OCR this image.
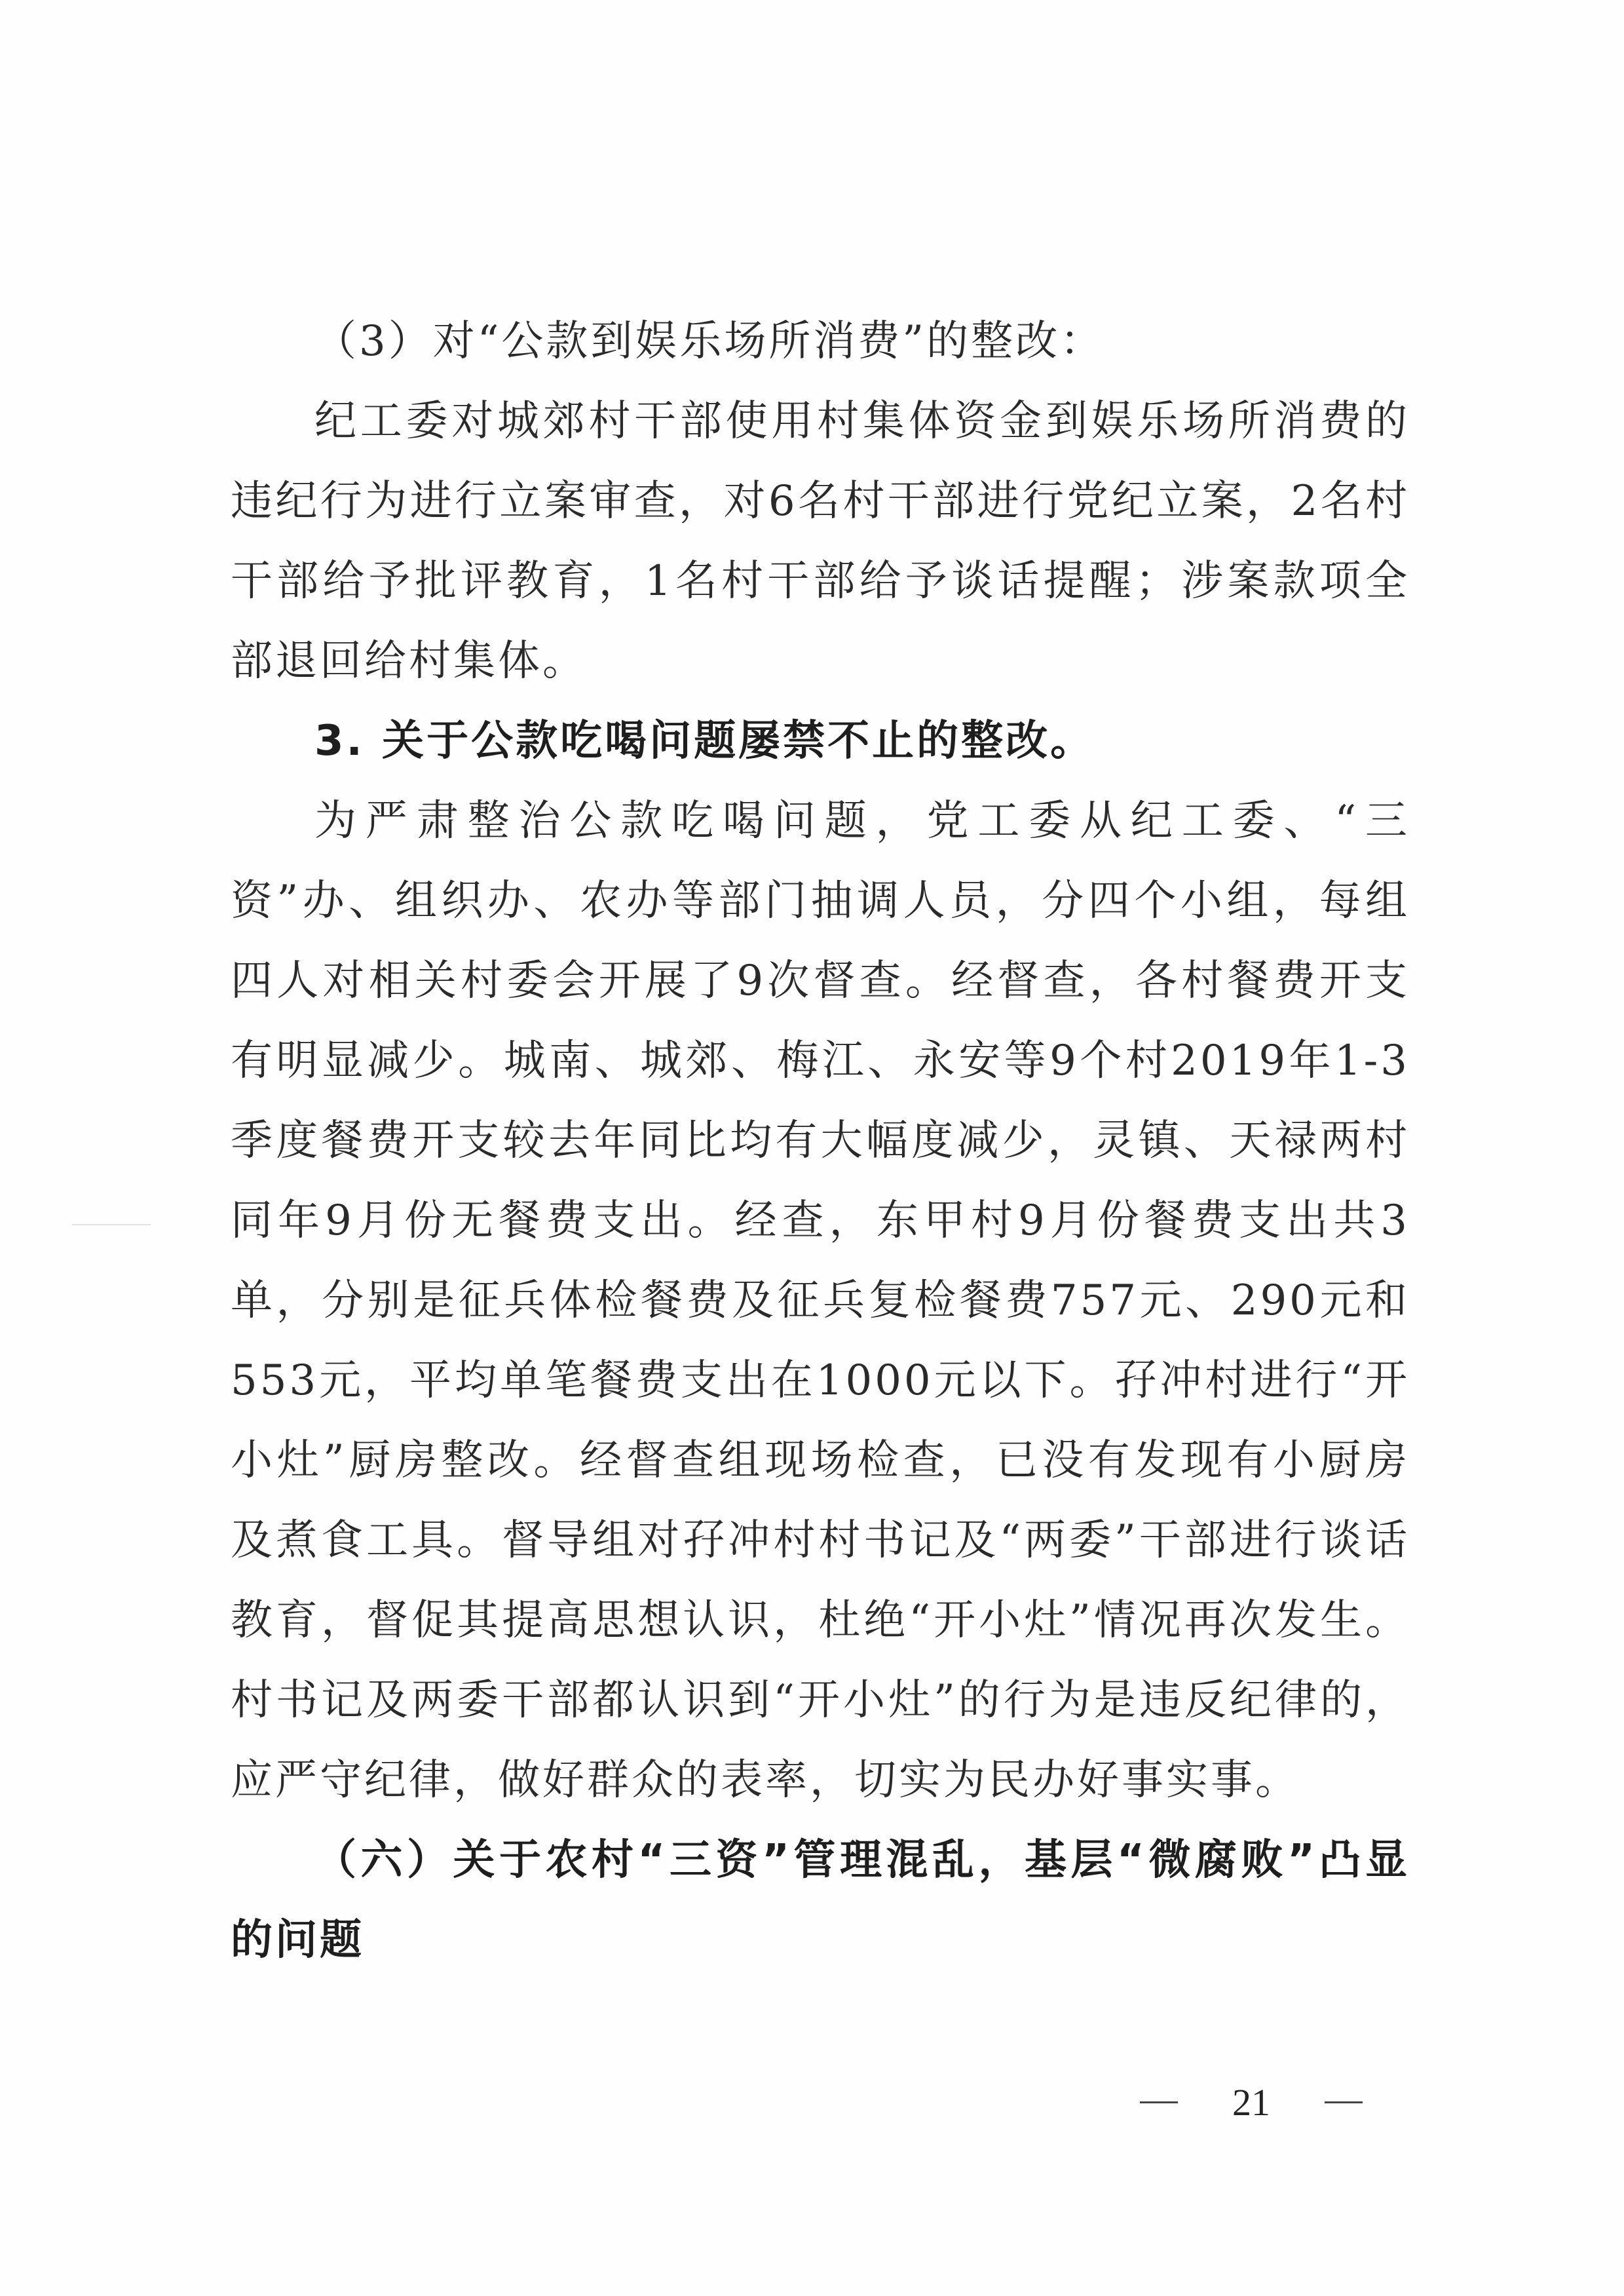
（3）对“公款到娱乐场所消费”的整改：

纪工委对城郊村干部使用村集体资金到娱乐场所消费的违纪行为进行立案审查，对6名村干部进行党纪立案，2名村干部给予批评教育，1名村干部给予谈话提醒；涉案款项全部退回给村集体。

3. 关于公款吃喝问题屡禁不止的整改。

为严肃整治公款吃喝问题，党工委从纪工委、“三资”办、组织办、农办等部门抽调人员，分四个小组，每组四人对相关村委会开展了9次督查。经督查，各村餐费开支有明显减少。城南、城郊、梅江、永安等9个村2019年1-3季度餐费开支较去年同比均有大幅度减少，灵镇、天禄两村同年9月份无餐费支出。经查，东甲村9月份餐费支出共3单，分别是征兵体检餐费及征兵复检餐费757元、290元和553元，平均单笔餐费支出在1000元以下。孖冲村进行“开小灶”厨房整改。经督查组现场检查，已没有发现有小厨房及煮食工具。督导组对孖冲村村书记及“两委”干部进行谈话教育，督促其提高思想认识，杜绝“开小灶”情况再次发生。村书记及两委干部都认识到“开小灶”的行为是违反纪律的，应严守纪律，做好群众的表率，切实为民办好事实事。

（六）关于农村“三资”管理混乱，基层“微腐败”凸显的问题

21
